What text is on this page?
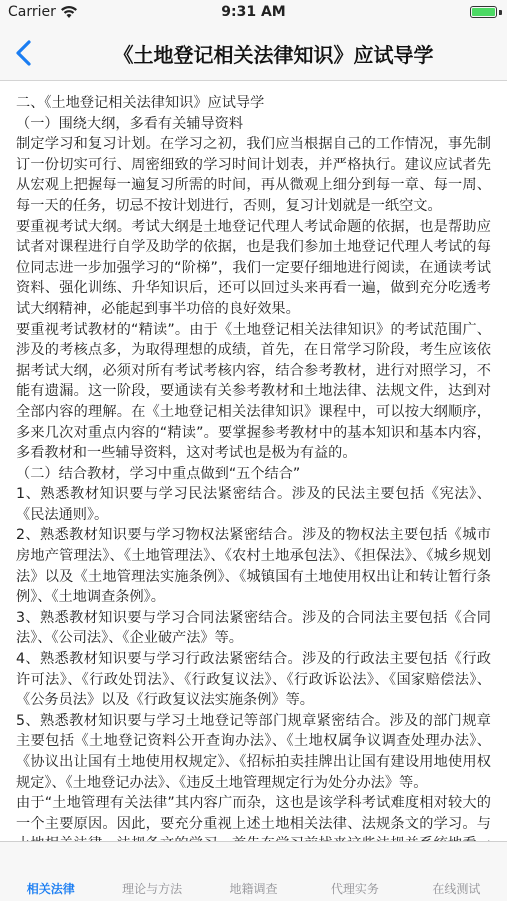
Carrier	9:31 AM
《土地登记相关法律知识》应试导学

二、《土地登记相关法律知识》应试导学

（一）围绕大纲，多看有关辅导资料

制定学习和复习计划。在学习之初，我们应当根据自己的工作情况，事先制订一份切实可行、周密细致的学习时间计划表，并严格执行。建议应试者先从宏观上把握每一遍复习所需的时间，再从微观上细分到每一章、每一周、每一天的任务，切忌不按计划进行，否则，复习计划就是一纸空文。

要重视考试大纲。考试大纲是土地登记代理人考试命题的依据，也是帮助应试者对课程进行自学及助学的依据，也是我们参加土地登记代理人考试的每位同志进一步加强学习的“阶梯”，我们一定要仔细地进行阅读，在通读考试资料、强化训练、升华知识后，还可以回过头来再看一遍，做到充分吃透考试大纲精神，必能起到事半功倍的良好效果。

要重视考试教材的“精读”。由于《土地登记相关法律知识》的考试范围广、涉及的考核点多，为取得理想的成绩，首先，在日常学习阶段，考生应该依据考试大纲，必须对所有考试考核内容，结合参考教材，进行对照学习，不能有遗漏。这一阶段，要通读有关参考教材和土地法律、法规文件，达到对全部内容的理解。在《土地登记相关法律知识》课程中，可以按大纲顺序，多来几次对重点内容的“精读”。要掌握参考教材中的基本知识和基本内容，多看教材和一些辅导资料，这对考试也是极为有益的。

（二）结合教材，学习中重点做到“五个结合”

1、熟悉教材知识要与学习民法紧密结合。涉及的民法主要包括《宪法》、《民法通则》。

2、熟悉教材知识要与学习物权法紧密结合。涉及的物权法主要包括《城市房地产管理法》、《土地管理法》、《农村土地承包法》、《担保法》、《城乡规划法》以及《土地管理法实施条例》、《城镇国有土地使用权出让和转让暂行条例》、《土地调查条例》。

3、熟悉教材知识要与学习合同法紧密结合。涉及的合同法主要包括《合同法》、《公司法》、《企业破产法》等。

4、熟悉教材知识要与学习行政法紧密结合。涉及的行政法主要包括《行政许可法》、《行政处罚法》、《行政复议法》、《行政诉讼法》、《国家赔偿法》、《公务员法》以及《行政复议法实施条例》等。

5、熟悉教材知识要与学习土地登记等部门规章紧密结合。涉及的部门规章主要包括《土地登记资料公开查询办法》、《土地权属争议调查处理办法》、《协议出让国有土地使用权规定》、《招标拍卖挂牌出让国有建设用地使用权规定》、《土地登记办法》、《违反土地管理规定行为处分办法》等。

由于“土地管理有关法律”其内容广而杂，这也是该学科考试难度相对较大的一个主要原因。因此，要充分重视上述土地相关法律、法规条文的学习。与

相关法律	理论与方法	地籍调查	代理实务	在线测试
